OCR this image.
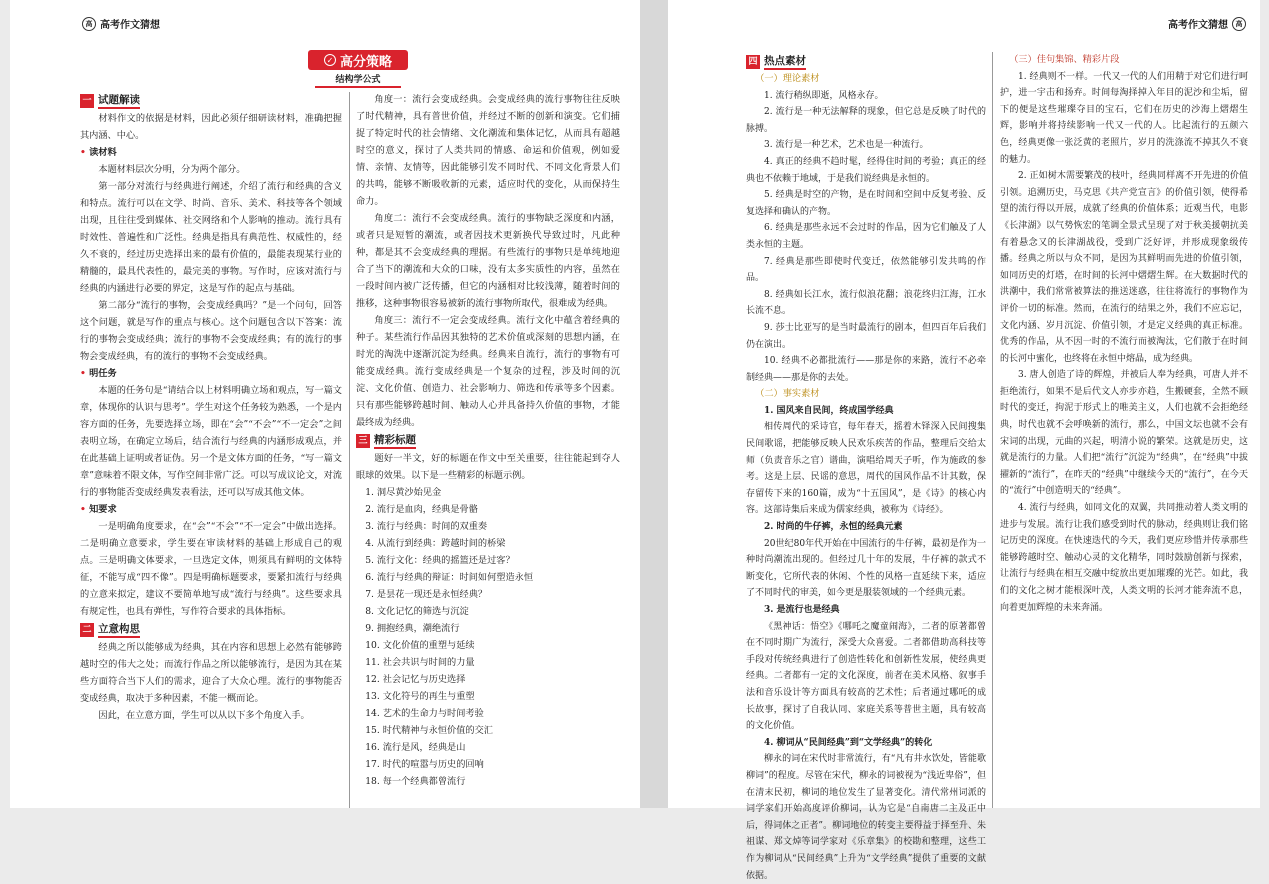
高 高考作文猜想
✓ 高分策略
结构学公式
一 试题解读

材料作文的依据是材料，因此必须仔细研读材料，准确把握其内涵、中心。

• 读材料

本题材料层次分明，分为两个部分。

第一部分对流行与经典进行阐述，介绍了流行和经典的含义和特点。流行可以在文学、时尚、音乐、美术、科技等各个领域出现，且往往受到媒体、社交网络和个人影响的推动。流行具有时效性、普遍性和广泛性。经典是指具有典范性、权威性的，经久不衰的，经过历史选择出来的最有价值的，最能表现某行业的精髓的，最具代表性的，最完美的事物。写作时，应该对流行与经典的内涵进行必要的界定，这是写作的起点与基础。

第二部分“流行的事物，会变成经典吗？”是一个问句，回答这个问题，就是写作的重点与核心。这个问题包含以下答案：流行的事物会变成经典；流行的事物不会变成经典；有的流行的事物会变成经典，有的流行的事物不会变成经典。

• 明任务

本题的任务句是“请结合以上材料明确立场和观点，写一篇文章，体现你的认识与思考”。学生对这个任务较为熟悉，一个是内容方面的任务，先要选择立场，即在“会”“不会”“不一定会”之间表明立场，在确定立场后，结合流行与经典的内涵形成观点，并在此基础上证明或者证伪。另一个是文体方面的任务，“写一篇文章”意味着不限文体，写作空间非常广泛。可以写成议论文，对流行的事物能否变成经典发表看法，还可以写成其他文体。

• 知要求

一是明确角度要求，在“会”“不会”“不一定会”中做出选择。二是明确立意要求，学生要在审读材料的基础上形成自己的观点。三是明确文体要求，一旦选定文体，则须具有鲜明的文体特征，不能写成“四不像”。四是明确标题要求，要紧扣流行与经典的立意来拟定，建议不要简单地写成“流行与经典”。这些要求具有规定性，也具有弹性，写作符合要求的具体指标。

二 立意构思

经典之所以能够成为经典，其在内容和思想上必然有能够跨越时空的伟大之处；而流行作品之所以能够流行，是因为其在某些方面符合当下人们的需求，迎合了大众心理。流行的事物能否变成经典，取决于多种因素，不能一概而论。

因此，在立意方面，学生可以从以下多个角度入手。

角度一：流行会变成经典。会变成经典的流行事物往往反映了时代精神，具有普世价值，并经过不断的创新和演变。它们捕捉了特定时代的社会情绪、文化潮流和集体记忆，从而具有超越时空的意义，探讨了人类共同的情感、命运和价值观，例如爱情、亲情、友情等，因此能够引发不同时代、不同文化背景人们的共鸣，能够不断吸收新的元素，适应时代的变化，从而保持生命力。

角度二：流行不会变成经典。流行的事物缺乏深度和内涵，或者只是短暂的潮流，或者因技术更新换代导致过时，凡此种种，都是其不会变成经典的理据。有些流行的事物只是单纯地迎合了当下的潮流和大众的口味，没有太多实质性的内容，虽然在一段时间内被广泛传播，但它的内涵相对比较浅薄，随着时间的推移，这种事物很容易被新的流行事物所取代，很难成为经典。

角度三：流行不一定会变成经典。流行文化中蕴含着经典的种子。某些流行作品因其独特的艺术价值或深刻的思想内涵，在时光的淘洗中逐渐沉淀为经典。经典来自流行，流行的事物有可能变成经典。流行变成经典是一个复杂的过程，涉及时间的沉淀、文化价值、创造力、社会影响力、筛选和传承等多个因素。只有那些能够跨越时间、触动人心并具备持久价值的事物，才能最终成为经典。

三 精彩标题

题好一半文，好的标题在作文中至关重要，往往能起到夺人眼球的效果。以下是一些精彩的标题示例。

1. 洞尽黄沙始见金

2. 流行是血肉，经典是骨骼

3. 流行与经典：时间的双重奏

4. 从流行到经典：跨越时间的桥梁

5. 流行文化：经典的摇篮还是过客？

6. 流行与经典的辩证：时间如何塑造永恒

7. 是昙花一现还是永恒经典？

8. 文化记忆的筛选与沉淀

9. 拥抱经典，潮绝流行

10. 文化价值的重塑与延续

11. 社会共识与时间的力量

12. 社会记忆与历史选择

13. 文化符号的再生与重塑

14. 艺术的生命力与时间考验

15. 时代精神与永恒价值的交汇

16. 流行是风，经典是山

17. 时代的喧嚣与历史的回响

18. 每一个经典都曾流行

高考作文猜想	高
四 热点素材
（一）理论素材

1. 流行稍纵即逝，风格永存。

2. 流行是一种无法解释的现象，但它总是反映了时代的脉搏。

3. 流行是一种艺术，艺术也是一种流行。

4. 真正的经典不趋时髦，经得住时间的考验；真正的经典也不依赖于地域，于是我们说经典是永恒的。

5. 经典是时空的产物，是在时间和空间中反复考验、反复选择和确认的产物。

6. 经典是那些永远不会过时的作品，因为它们触及了人类永恒的主题。

7. 经典是那些即使时代变迁，依然能够引发共鸣的作品。

8. 经典如长江水，流行似浪花翻；浪花终归江海，江水长流不息。

9. 莎士比亚写的是当时最流行的剧本，但四百年后我们仍在演出。

10. 经典不必都批流行——那是你的来路，流行不必牵制经典——那是你的去处。

（二）事实素材

1. 国风来自民间，终成国学经典

相传周代的采诗官，每年春天，摇着木铎深入民间搜集民间歌谣，把能够反映人民欢乐疾苦的作品，整理后交给太师（负责音乐之官）谱曲，演唱给周天子听，作为施政的参考。这是上层、民谣的意思，周代的国风作品不计其数，保存留传下来的160篇，成为“十五国风”，是《诗》的核心内容。这部诗集后来成为儒家经典，被称为《诗经》。

2. 时尚的牛仔裤，永恒的经典元素

20世纪80年代开始在中国流行的牛仔裤，最初是作为一种时尚潮流出现的。但经过几十年的发展，牛仔裤的款式不断变化，它所代表的休闲、个性的风格一直延续下来，适应了不同时代的审美，如今更是服装领域的一个经典元素。

3. 是流行也是经典

《黑神话：悟空》《哪吒之魔童闹海》，二者的原著都曾在不同时期广为流行，深受大众喜爱。二者都借助高科技等手段对传统经典进行了创造性转化和创新性发展，使经典更经典。二者都有一定的文化深度，前者在美术风格、叙事手法和音乐设计等方面具有较高的艺术性；后者通过哪吒的成长故事，探讨了自我认同、家庭关系等普世主题，具有较高的文化价值。

4. 柳词从“民间经典”到“文学经典”的转化

柳永的词在宋代时非常流行，有“凡有井水饮处，皆能歌柳词”的程度。尽管在宋代，柳永的词被视为“浅近卑俗”，但在清末民初，柳词的地位发生了显著变化。清代常州词派的词学家们开始高度评价柳词，认为它是“自南唐二主及正中后，得词体之正者”。柳词地位的转变主要得益于择至升、朱祖谋、郑文焯等词学家对《乐章集》的校勘和整理，这些工作为柳词从“民间经典”上升为“文学经典”提供了重要的文献依据。

（三）佳句集锦、精彩片段

1. 经典则不一样。一代又一代的人们用精于对它们进行呵护，进一宇击和扬弃。时间每淘择掉入年目的泥沙和尘垢，留下的便是这些璀璨夺目的宝石，它们在历史的沙海上熠熠生辉，影响并将持续影响一代又一代的人。比起流行的五颜六色，经典更像一张泛黄的老照片，岁月的洗涤流不掉其久不衰的魅力。

2. 正如树木需要繁茂的枝叶，经典同样离不开先进的价值引领。追溯历史，马克思《共产党宣言》的价值引领，使得希望的流行得以开展，成就了经典的价值体系；近观当代，电影《长津湖》以气势恢宏的笔调全景式呈现了对于秋美援朝抗美有着悬念又的长津湖战役，受到广泛好评，并形成现象级传播。经典之所以与众不同，是因为其鲜明而先进的价值引领，如同历史的灯塔，在时间的长河中熠熠生辉。在大数据时代的洪潮中，我们常常被算法的推送迷惑，往往将流行的事物作为评价一切的标准。然而，在流行的结果之外，我们不应忘记，文化内涵、岁月沉淀、价值引领，才是定义经典的真正标准。优秀的作品，从不因一时的不流行而被淘汰，它们散于在时间的长河中蜜化，也终将在永恒中熔晶，成为经典。

3. 唐人创造了诗的辉煌，并被后人奉为经典，可唐人并不拒绝流行，如果不是后代文人亦步亦趋，生搬硬套，全然不顾时代的变迁，拘泥于形式上的唯美主义，人们也就不会拒绝经典，时代也就不会呼唤新的流行，那么，中国文坛也就不会有宋词的出现，元曲的兴起，明清小说的繁荣。这就是历史，这就是流行的力量。人们把“流行”沉淀为“经典”，在“经典”中拔擢新的“流行”，在昨天的“经典”中继续今天的“流行”，在今天的“流行”中创造明天的“经典”。

4. 流行与经典，如同文化的双翼，共同推动着人类文明的进步与发展。流行让我们感受到时代的脉动，经典则让我们铭记历史的深度。在快速迭代的今天，我们更应珍惜并传承那些能够跨越时空、触动心灵的文化精华，同时鼓励创新与探索，让流行与经典在相互交融中绽放出更加璀璨的光芒。如此，我们的文化之树才能根深叶茂，人类文明的长河才能奔流不息，向着更加辉煌的未来奔涌。
